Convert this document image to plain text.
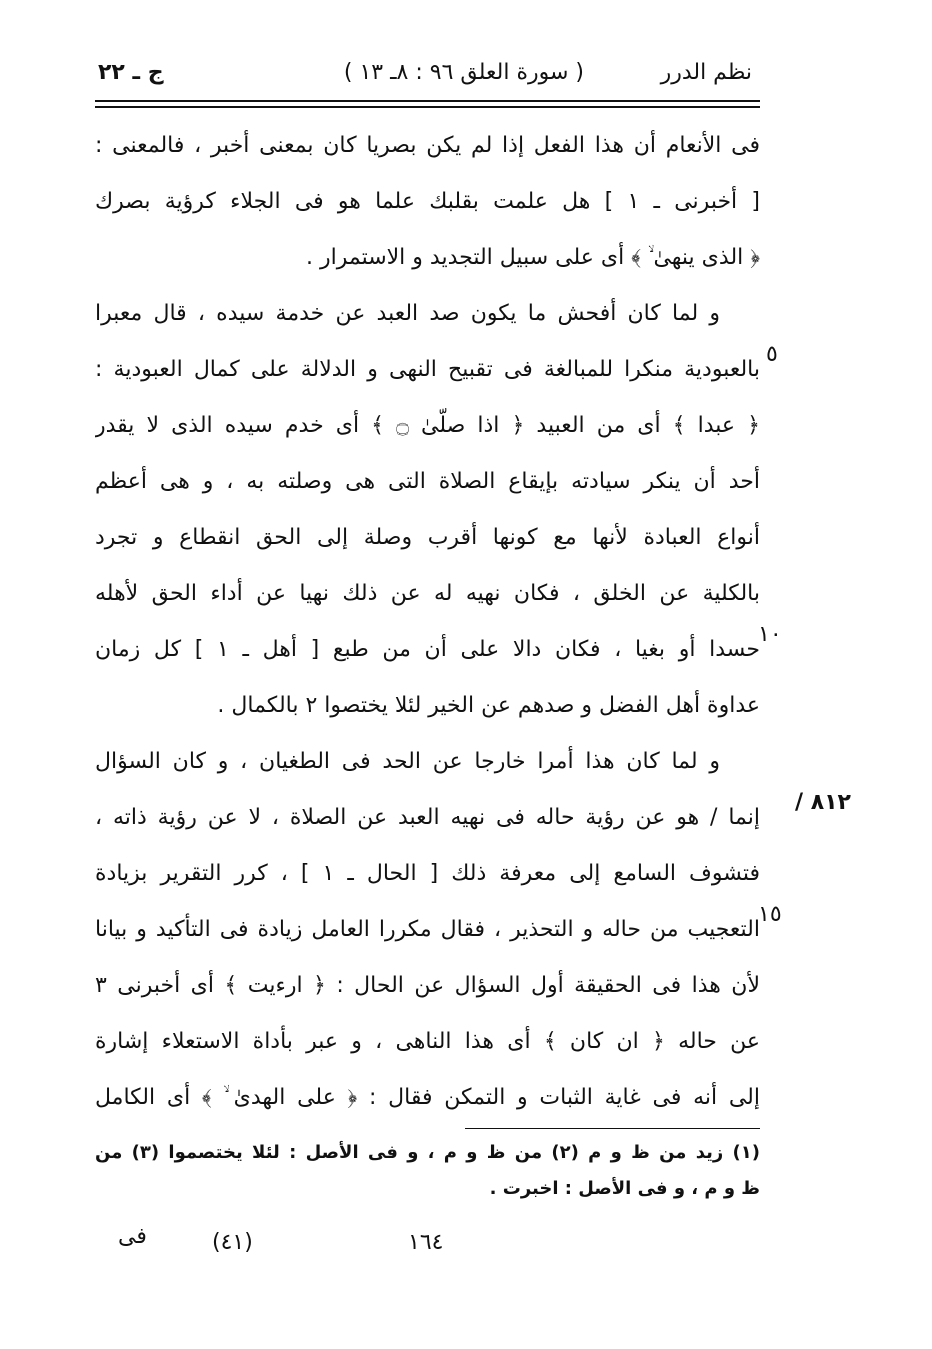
نظم الدرر
( سورة العلق ٩٦ : ٨ـ ١٣ )
ج ـ ٢٢
فى الأنعام أن هذا الفعل إذا لم يكن بصريا كان بمعنى أخبر ، فالمعنى :
[ أخبرنى ـ ١ ] هل علمت بقلبك علما هو فى الجلاء كرؤية بصرك
﴿ الذى ينهىٰ ۙ ﴾ أى على سبيل التجديد و الاستمرار .
و لما كان أفحش ما يكون صد العبد عن خدمة سيده ، قال معبرا
بالعبودية منكرا للمبالغة فى تقبيح النهى و الدلالة على كمال العبودية :
﴿ عبدا ﴾ أى من العبيد ﴿ اذا صلّىٰ ۝ ﴾ أى خدم سيده الذى لا يقدر
أحد أن ينكر سيادته بإيقاع الصلاة التى هى وصلته به ، و هى أعظم
أنواع العبادة لأنها مع كونها أقرب وصلة إلى الحق انقطاع و تجرد
بالكلية عن الخلق ، فكان نهيه له عن ذلك نهيا عن أداء الحق لأهله
حسدا أو بغيا ، فكان دالا على أن من طبع [ أهل ـ ١ ] كل زمان
عداوة أهل الفضل و صدهم عن الخير لئلا يختصوا ٢ بالكمال .
و لما كان هذا أمرا خارجا عن الحد فى الطغيان ، و كان السؤال
إنما / هو عن رؤية حاله فى نهيه العبد عن الصلاة ، لا عن رؤية ذاته ،
فتشوف السامع إلى معرفة ذلك [ الحال ـ ١ ] ، كرر التقرير بزيادة
التعجيب من حاله و التحذير ، فقال مكررا العامل زيادة فى التأكيد و بيانا
لأن هذا فى الحقيقة أول السؤال عن الحال : ﴿ ارءيت ﴾ أى أخبرنى ٣
عن حاله ﴿ ان كان ﴾ أى هذا الناهى ، و عبر بأداة الاستعلاء إشارة
إلى أنه فى غاية الثبات و التمكن فقال : ﴿ على الهدىٰ ۙ ﴾ أى الكامل
٥
١٠
٨١٢ /
١٥
(١) زيد من ظ و م (٢) من ظ و م ، و فى الأصل : لئلا يختصموا (٣) من
ظ و م ، و فى الأصل : اخبرت .
فى	(٤١)	١٦٤
